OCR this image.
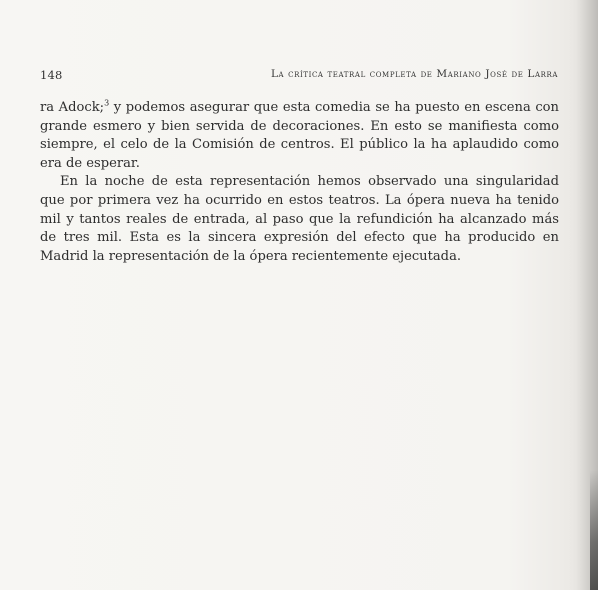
148	La crítica teatral completa de Mariano José de Larra

ra Adock;$^3$ y podemos asegurar que esta comedia se ha puesto en escena con grande esmero y bien servida de decoraciones. En esto se manifiesta como siempre, el celo de la Comisión de centros. El público la ha aplaudido como era de esperar.

En la noche de esta representación hemos observado una singularidad que por primera vez ha ocurrido en estos teatros. La ópera nueva ha tenido mil y tantos reales de entrada, al paso que la refundición ha alcanzado más de tres mil. Esta es la sincera expresión del efecto que ha producido en Madrid la representación de la ópera recientemente ejecutada.
